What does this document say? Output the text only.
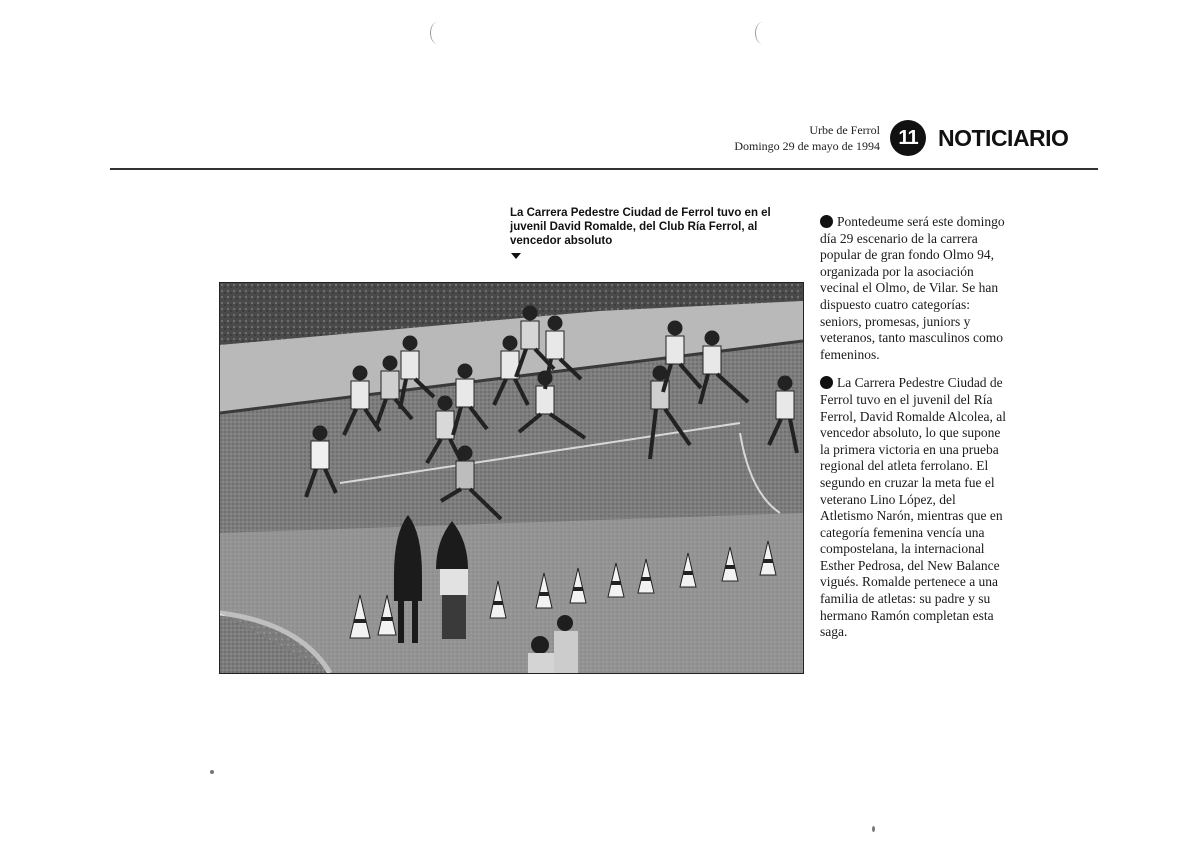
Urbe de Ferrol
Domingo 29 de mayo de 1994 11 NOTICIARIO
La Carrera Pedestre Ciudad de Ferrol tuvo en el juvenil David Romalde, del Club Ría Ferrol, al vencedor absoluto

Pontedeume será este domingo día 29 escenario de la carrera popular de gran fondo Olmo 94, organizada por la asociación vecinal el Olmo, de Vilar. Se han dispuesto cuatro categorías: seniors, promesas, juniors y veteranos, tanto masculinos como femeninos.

La Carrera Pedestre Ciudad de Ferrol tuvo en el juvenil del Ría Ferrol, David Romalde Alcolea, al vencedor absoluto, lo que supone la primera victoria en una prueba regional del atleta ferrolano. El segundo en cruzar la meta fue el veterano Lino López, del Atletismo Narón, mientras que en categoría femenina vencía una compostelana, la internacional Esther Pedrosa, del New Balance vigués. Romalde pertenece a una familia de atletas: su padre y su hermano Ramón completan esta saga.
